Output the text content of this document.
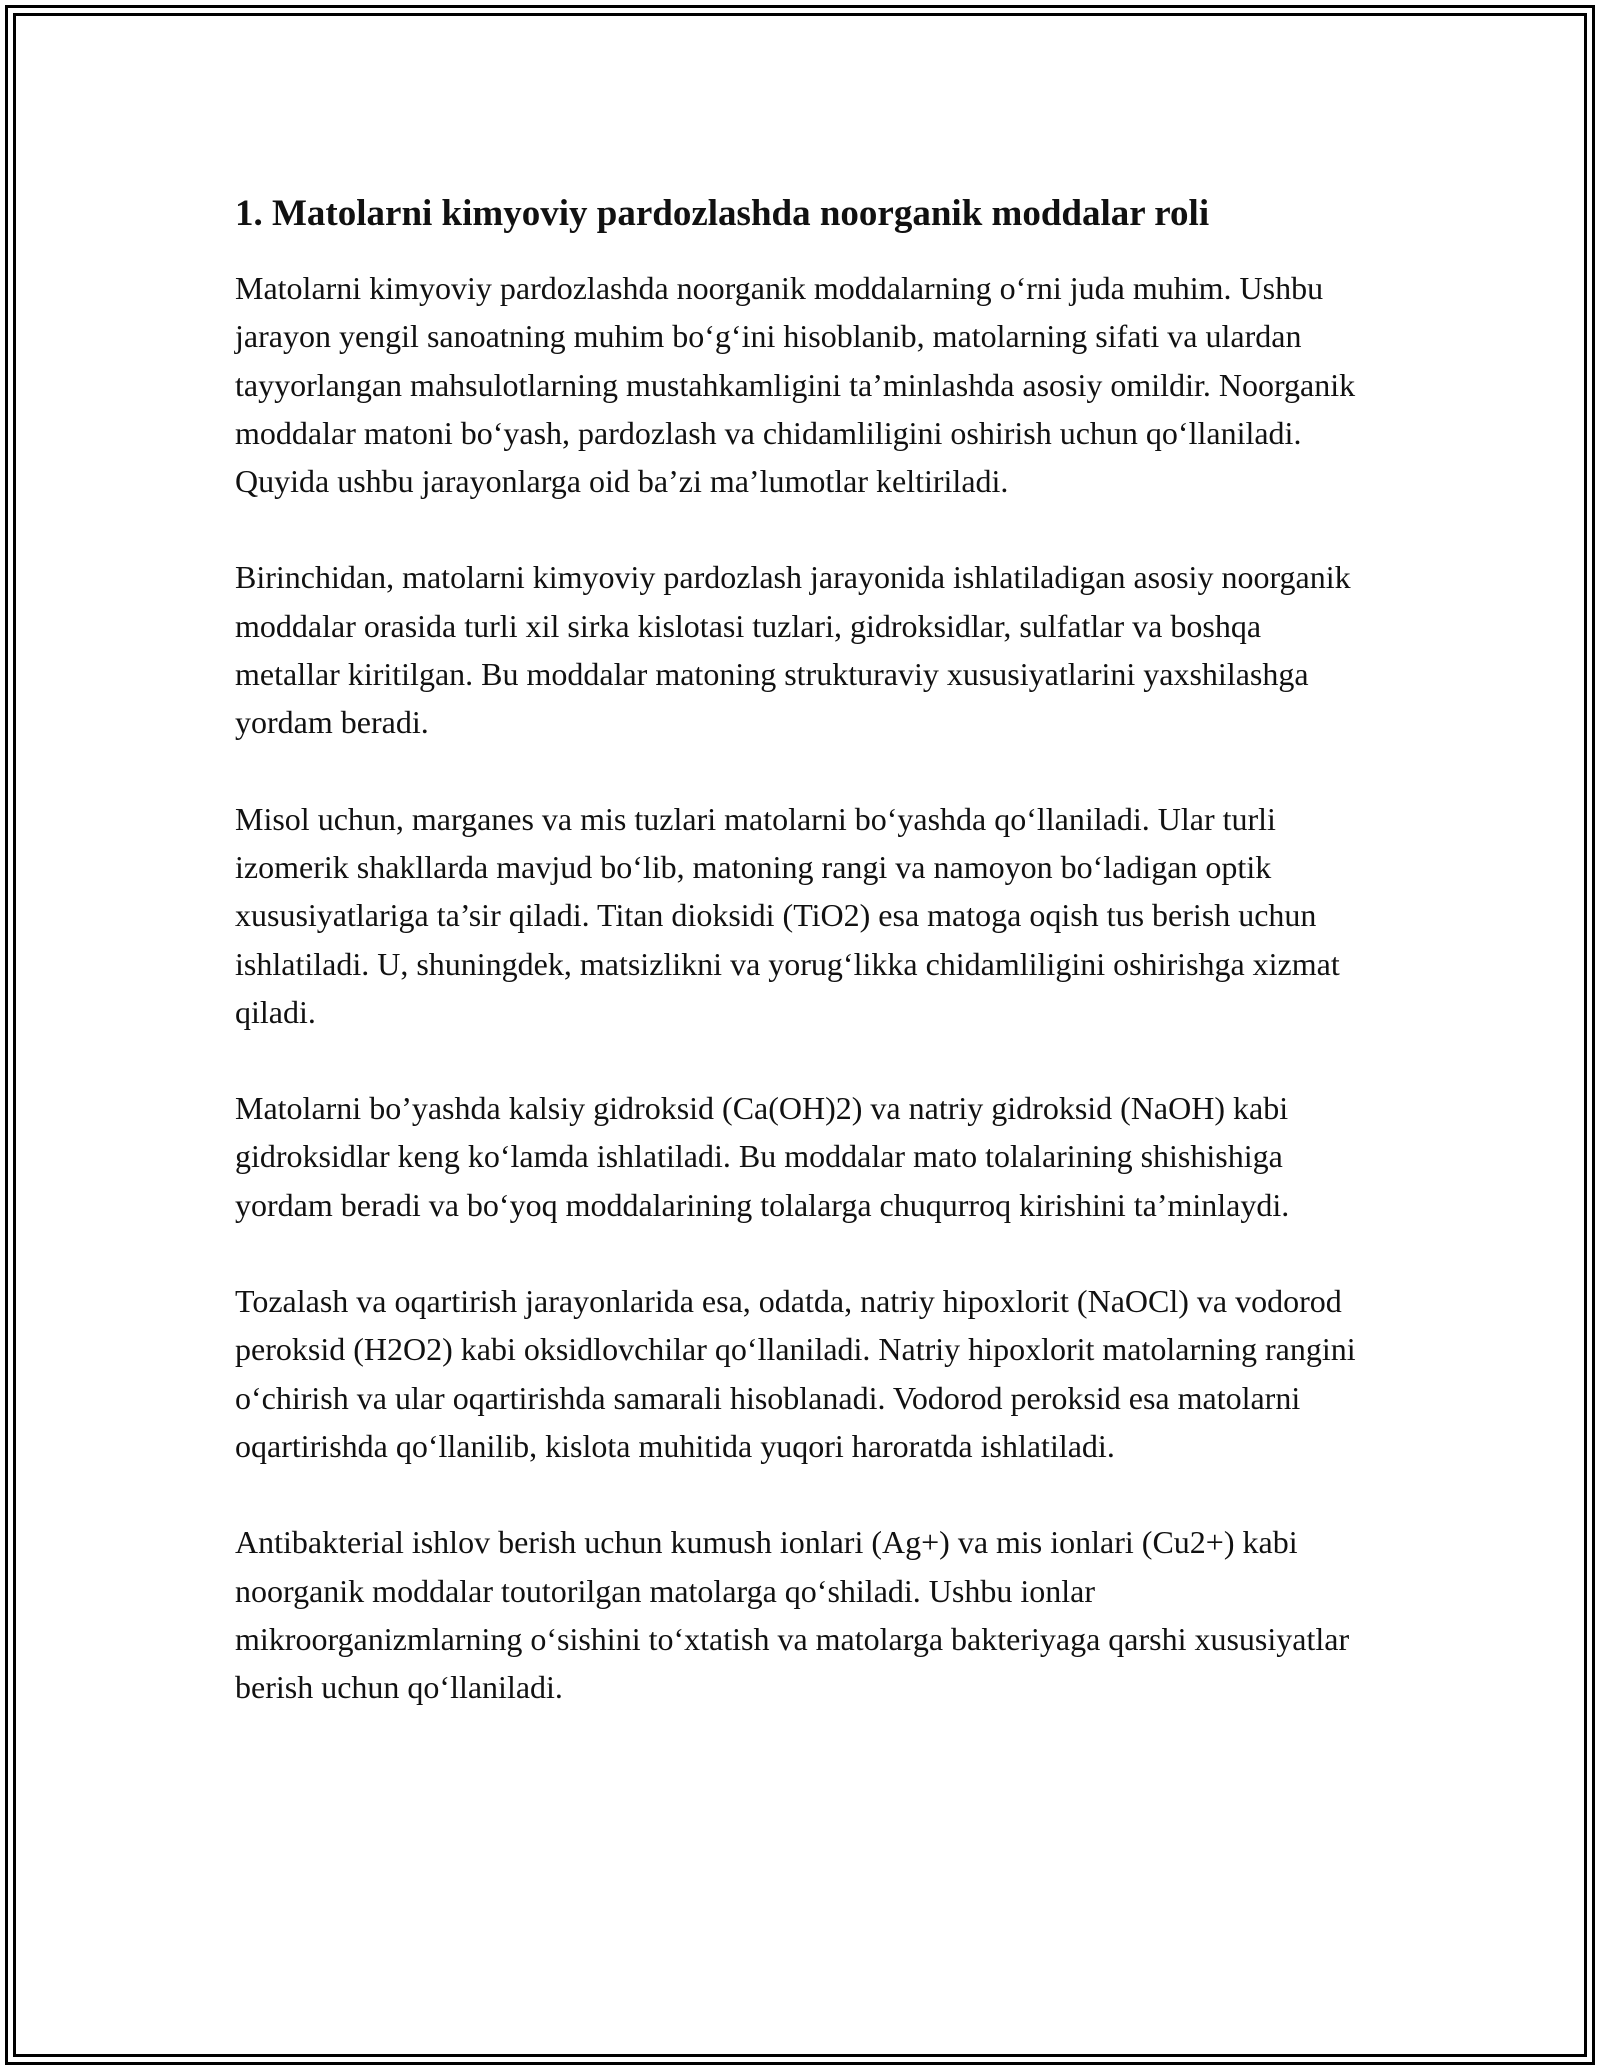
1. Matolarni kimyoviy pardozlashda noorganik moddalar roli

Matolarni kimyoviy pardozlashda noorganik moddalarning o‘rni juda muhim. Ushbu jarayon yengil sanoatning muhim bo‘g‘ini hisoblanib, matolarning sifati va ulardan tayyorlangan mahsulotlarning mustahkamligini ta’minlashda asosiy omildir. Noorganik moddalar matoni bo‘yash, pardozlash va chidamliligini oshirish uchun qo‘llaniladi. Quyida ushbu jarayonlarga oid ba’zi ma’lumotlar keltiriladi.

Birinchidan, matolarni kimyoviy pardozlash jarayonida ishlatiladigan asosiy noorganik moddalar orasida turli xil sirka kislotasi tuzlari, gidroksidlar, sulfatlar va boshqa metallar kiritilgan. Bu moddalar matoning strukturaviy xususiyatlarini yaxshilashga yordam beradi.

Misol uchun, marganes va mis tuzlari matolarni bo‘yashda qo‘llaniladi. Ular turli izomerik shakllarda mavjud bo‘lib, matoning rangi va namoyon bo‘ladigan optik xususiyatlariga ta’sir qiladi. Titan dioksidi (TiO2) esa matoga oqish tus berish uchun ishlatiladi. U, shuningdek, matsizlikni va yorug‘likka chidamliligini oshirishga xizmat qiladi.

Matolarni bo’yashda kalsiy gidroksid (Ca(OH)2) va natriy gidroksid (NaOH) kabi gidroksidlar keng ko‘lamda ishlatiladi. Bu moddalar mato tolalarining shishishiga yordam beradi va bo‘yoq moddalarining tolalarga chuqurroq kirishini ta’minlaydi.

Tozalash va oqartirish jarayonlarida esa, odatda, natriy hipoxlorit (NaOCl) va vodorod peroksid (H2O2) kabi oksidlovchilar qo‘llaniladi. Natriy hipoxlorit matolarning rangini o‘chirish va ular oqartirishda samarali hisoblanadi. Vodorod peroksid esa matolarni oqartirishda qo‘llanilib, kislota muhitida yuqori haroratda ishlatiladi.

Antibakterial ishlov berish uchun kumush ionlari (Ag+) va mis ionlari (Cu2+) kabi noorganik moddalar toutorilgan matolarga qo‘shiladi. Ushbu ionlar mikroorganizmlarning o‘sishini to‘xtatish va matolarga bakteriyaga qarshi xususiyatlar berish uchun qo‘llaniladi.
